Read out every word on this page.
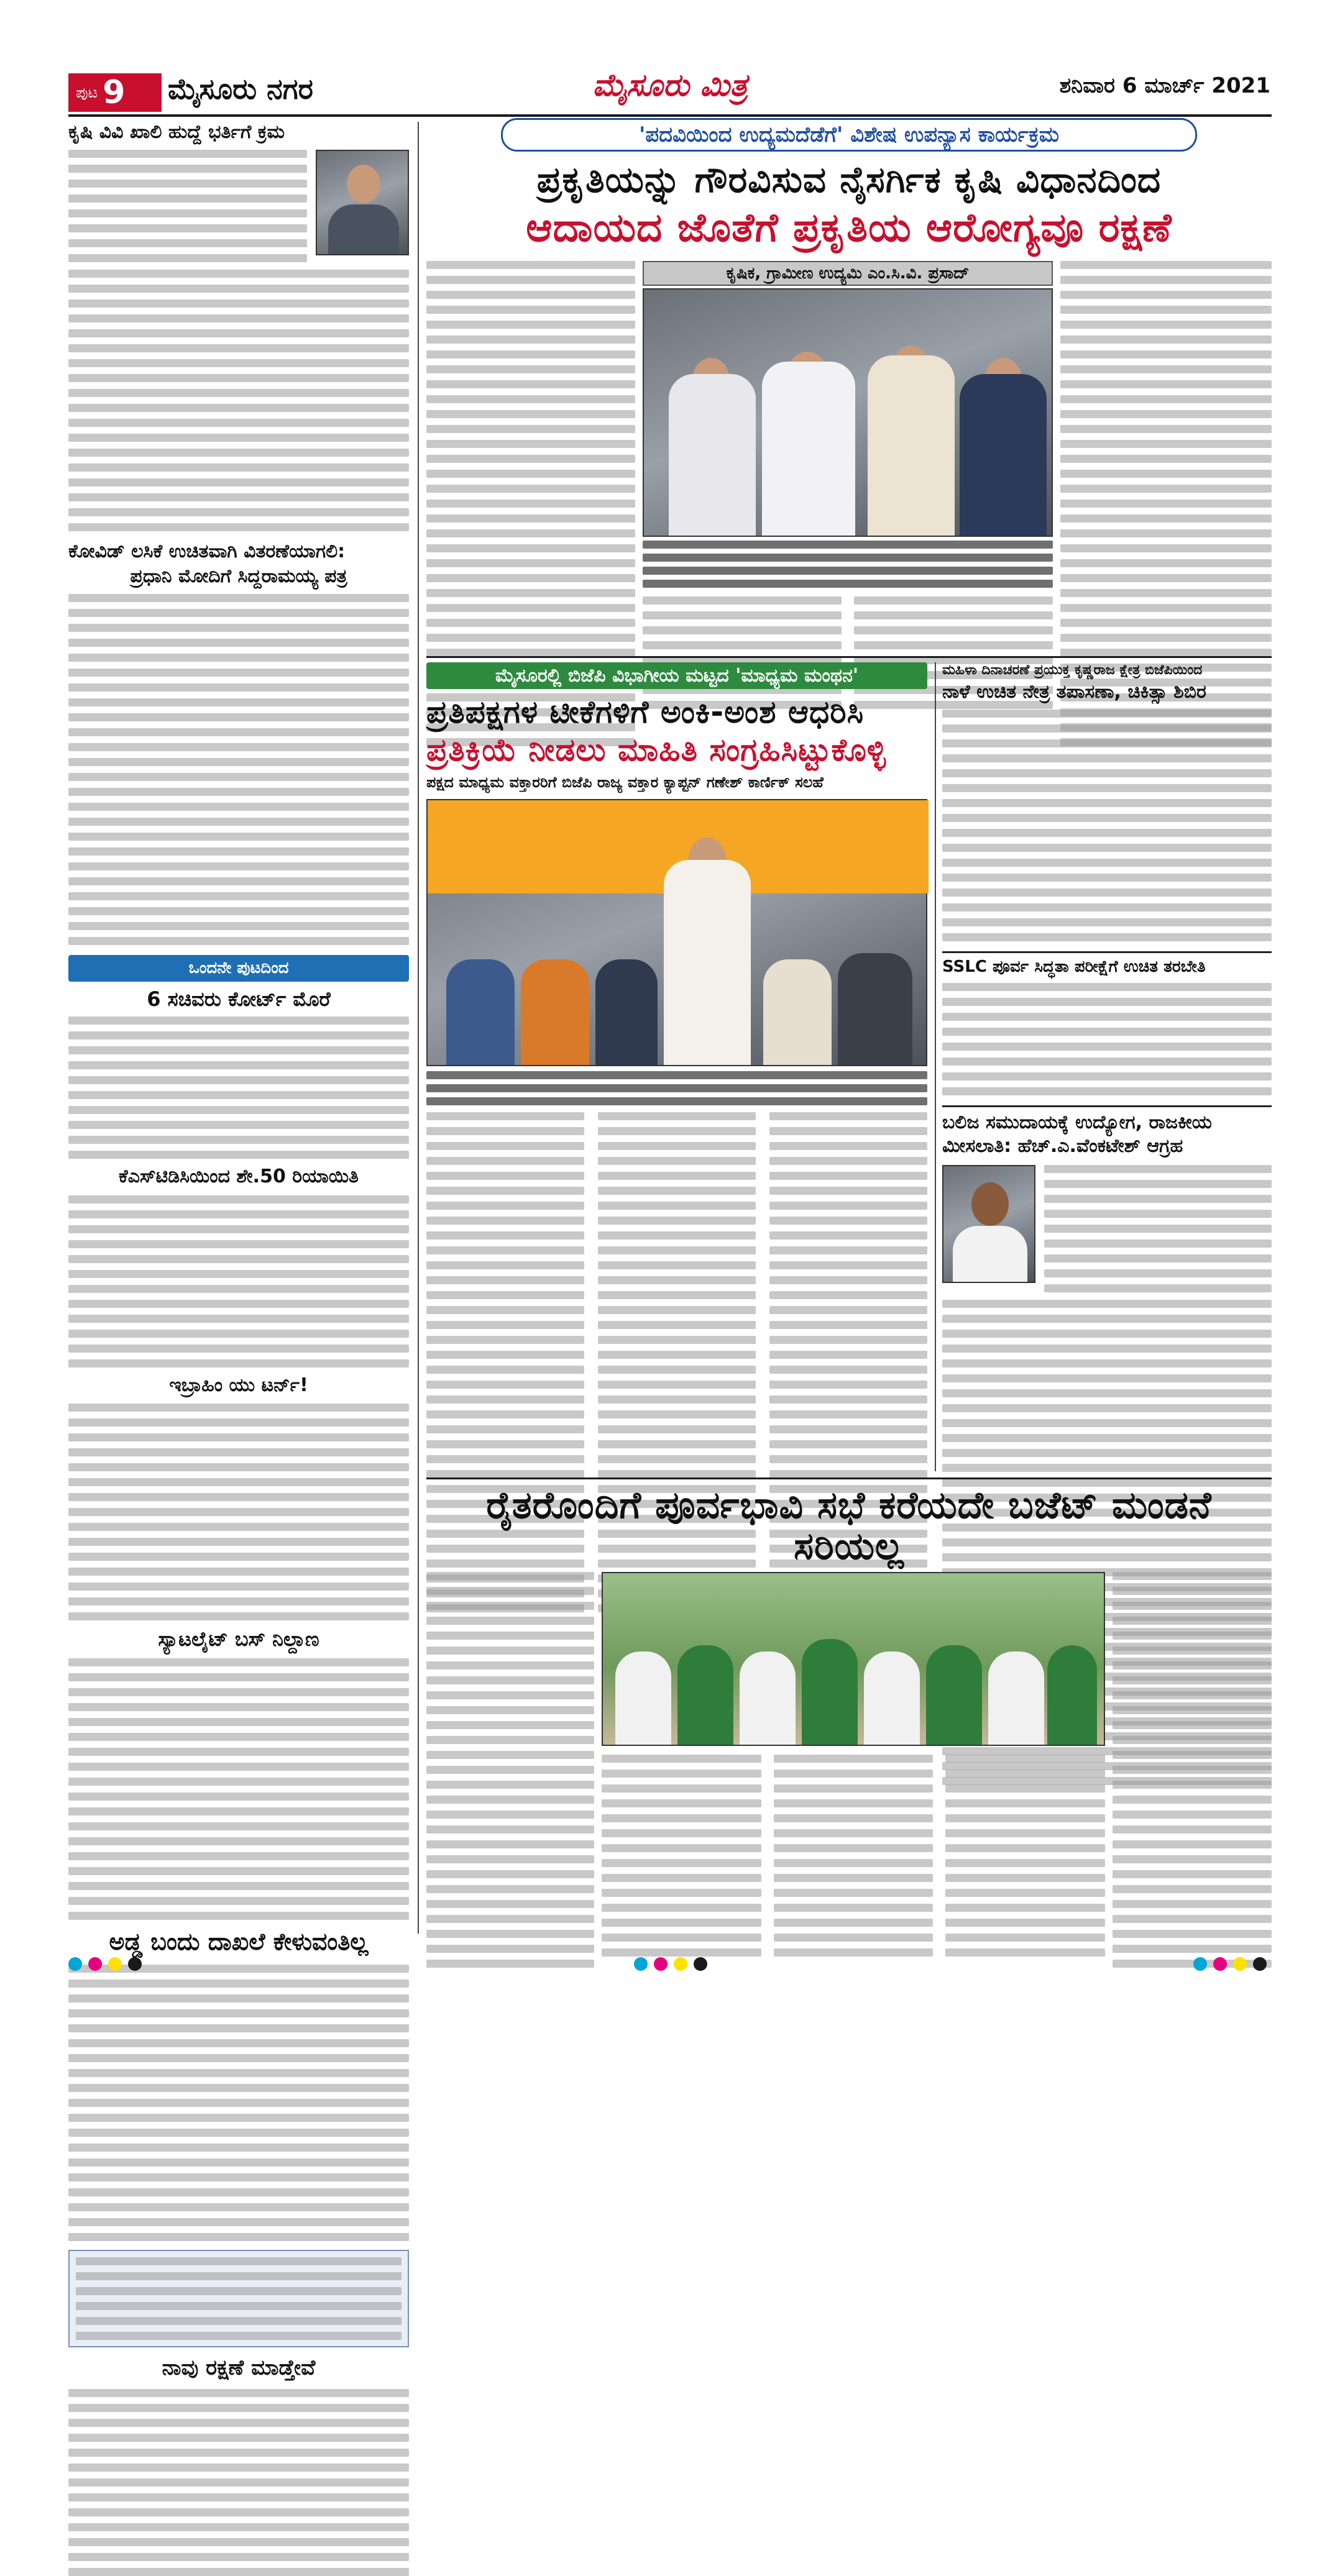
ಪುಟ 9 ಮೈಸೂರು ನಗರ	ಮೈಸೂರು ಮಿತ್ರ	ಶನಿವಾರ 6 ಮಾರ್ಚ್ 2021
ಕೃಷಿ ವಿವಿ ಖಾಲಿ ಹುದ್ದೆ ಭರ್ತಿಗೆ ಕ್ರಮ
ಕೋವಿಡ್ ಲಸಿಕೆ ಉಚಿತವಾಗಿ ವಿತರಣೆಯಾಗಲಿ:
ಪ್ರಧಾನಿ ಮೋದಿಗೆ ಸಿದ್ದರಾಮಯ್ಯ ಪತ್ರ
ಒಂದನೇ ಪುಟದಿಂದ
6 ಸಚಿವರು ಕೋರ್ಟ್ ಮೊರೆ
ಕೆಎಸ್‌ಟಿಡಿಸಿಯಿಂದ ಶೇ.50 ರಿಯಾಯಿತಿ
ಇಬ್ರಾಹಿಂ ಯು ಟರ್ನ್!
ಸ್ಯಾಟಲೈಟ್ ಬಸ್ ನಿಲ್ದಾಣ
ಅಡ್ಡ ಬಂದು ದಾಖಲೆ ಕೇಳುವಂತಿಲ್ಲ
ನಾವು ರಕ್ಷಣೆ ಮಾಡ್ತೇವೆ
'ಪದವಿಯಿಂದ ಉದ್ಯಮದೆಡೆಗೆ' ವಿಶೇಷ ಉಪನ್ಯಾಸ ಕಾರ್ಯಕ್ರಮ
ಪ್ರಕೃತಿಯನ್ನು ಗೌರವಿಸುವ ನೈಸರ್ಗಿಕ ಕೃಷಿ ವಿಧಾನದಿಂದ
ಆದಾಯದ ಜೊತೆಗೆ ಪ್ರಕೃತಿಯ ಆರೋಗ್ಯವೂ ರಕ್ಷಣೆ
ಕೃಷಿಕ, ಗ್ರಾಮೀಣ ಉದ್ಯಮಿ ಎಂ.ಸಿ.ವಿ. ಪ್ರಸಾದ್
ಮೈಸೂರಲ್ಲಿ ಬಿಜೆಪಿ ವಿಭಾಗೀಯ ಮಟ್ಟದ 'ಮಾಧ್ಯಮ ಮಂಥನ'
ಪ್ರತಿಪಕ್ಷಗಳ ಟೀಕೆಗಳಿಗೆ ಅಂಕಿ-ಅಂಶ ಆಧರಿಸಿ
ಪ್ರತಿಕ್ರಿಯೆ ನೀಡಲು ಮಾಹಿತಿ ಸಂಗ್ರಹಿಸಿಟ್ಟುಕೊಳ್ಳಿ
ಪಕ್ಷದ ಮಾಧ್ಯಮ ವಕ್ತಾರರಿಗೆ ಬಿಜೆಪಿ ರಾಜ್ಯ ವಕ್ತಾರ ಕ್ಯಾಪ್ಟನ್ ಗಣೇಶ್ ಕಾರ್ಣಿಕ್ ಸಲಹೆ
ಮಹಿಳಾ ದಿನಾಚರಣೆ ಪ್ರಯುಕ್ತ ಕೃಷ್ಣರಾಜ ಕ್ಷೇತ್ರ ಬಿಜೆಪಿಯಿಂದ
ನಾಳೆ ಉಚಿತ ನೇತ್ರ ತಪಾಸಣಾ, ಚಿಕಿತ್ಸಾ ಶಿಬಿರ
SSLC ಪೂರ್ವ ಸಿದ್ಧತಾ ಪರೀಕ್ಷೆಗೆ ಉಚಿತ ತರಬೇತಿ
ಬಲಿಜ ಸಮುದಾಯಕ್ಕೆ ಉದ್ಯೋಗ, ರಾಜಕೀಯ
ಮೀಸಲಾತಿ: ಹೆಚ್.ಎ.ವೆಂಕಟೇಶ್ ಆಗ್ರಹ
ರೈತರೊಂದಿಗೆ ಪೂರ್ವಭಾವಿ ಸಭೆ ಕರೆಯದೇ ಬಜೆಟ್ ಮಂಡನೆ ಸರಿಯಲ್ಲ
